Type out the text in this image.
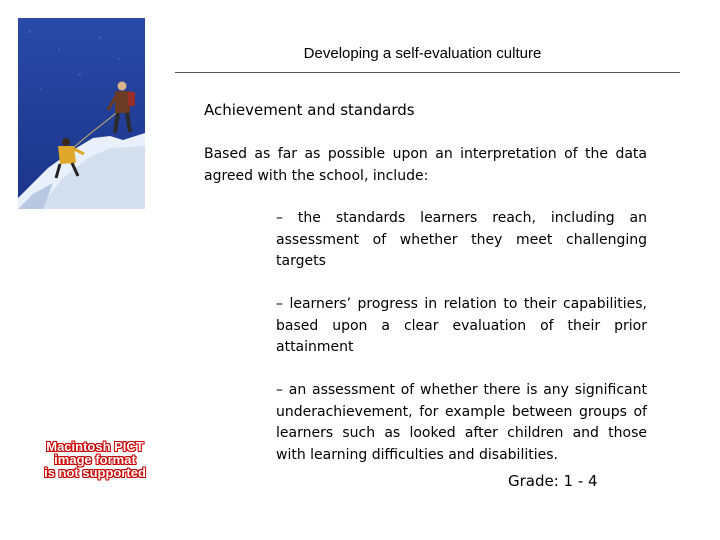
Developing a self-evaluation culture
Achievement and standards
Based as far as possible upon an interpretation of the data agreed with the school, include:
– the standards learners reach, including an assessment of whether they meet challenging targets
– learners’ progress in relation to their capabilities, based upon a clear evaluation of their prior attainment
– an assessment of whether there is any significant underachievement, for example between groups of learners such as looked after children and those with learning difficulties and disabilities.
Grade: 1 - 4
Macintosh PICT
image format
is not supported
